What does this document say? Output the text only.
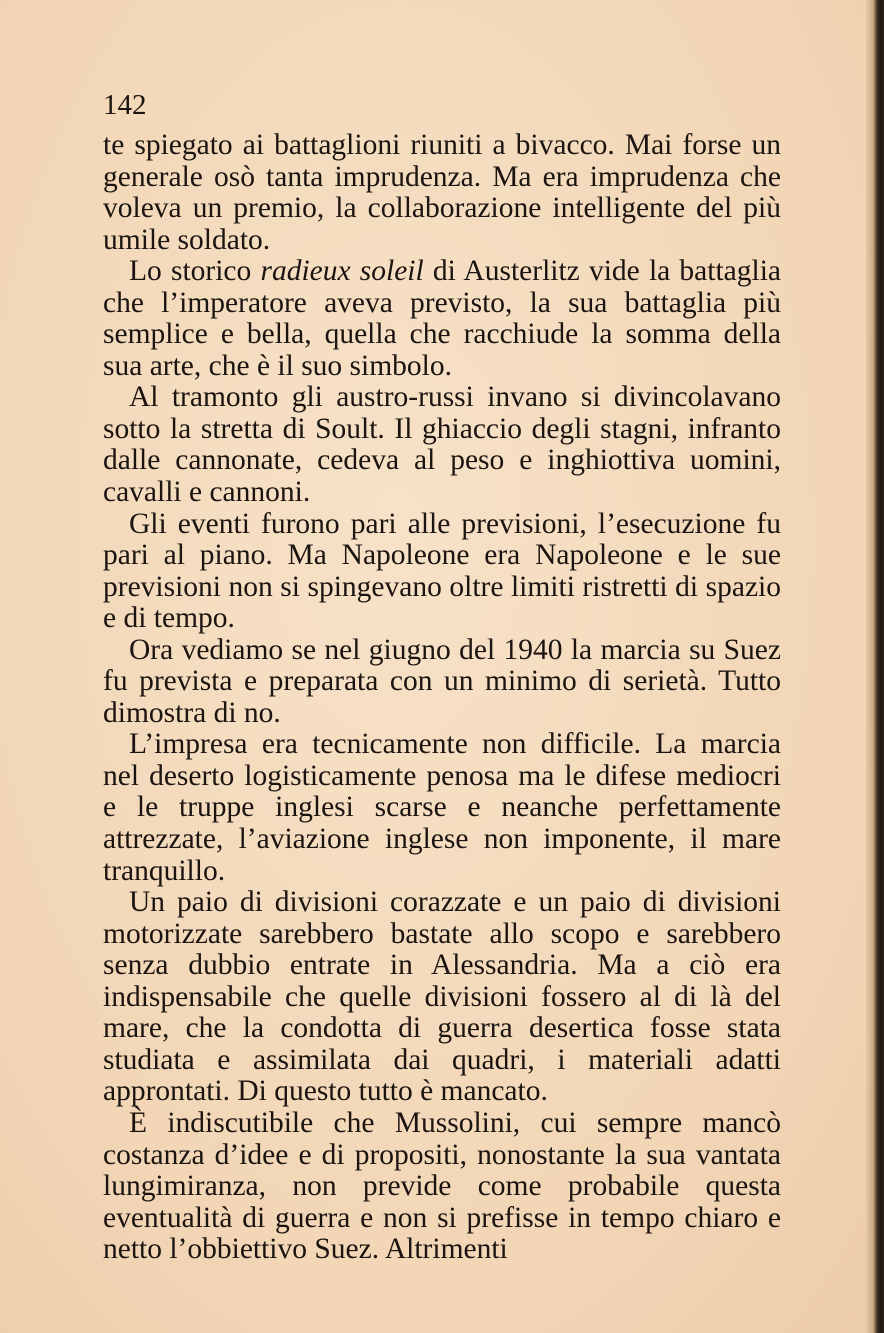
142

te spiegato ai battaglioni riuniti a bivacco. Mai forse un generale osò tanta imprudenza. Ma era imprudenza che voleva un premio, la collaborazione intelligente del più umile soldato.

Lo storico radieux soleil di Austerlitz vide la battaglia che l’imperatore aveva previsto, la sua battaglia più semplice e bella, quella che racchiude la somma della sua arte, che è il suo simbolo.

Al tramonto gli austro-russi invano si divincolavano sotto la stretta di Soult. Il ghiaccio degli stagni, infranto dalle cannonate, cedeva al peso e inghiottiva uomini, cavalli e cannoni.

Gli eventi furono pari alle previsioni, l’esecuzione fu pari al piano. Ma Napoleone era Napoleone e le sue previsioni non si spingevano oltre limiti ristretti di spazio e di tempo.

Ora vediamo se nel giugno del 1940 la marcia su Suez fu prevista e preparata con un minimo di serietà. Tutto dimostra di no.

L’impresa era tecnicamente non difficile. La marcia nel deserto logisticamente penosa ma le difese mediocri e le truppe inglesi scarse e neanche perfettamente attrezzate, l’aviazione inglese non imponente, il mare tranquillo.

Un paio di divisioni corazzate e un paio di divisioni motorizzate sarebbero bastate allo scopo e sarebbero senza dubbio entrate in Alessandria. Ma a ciò era indispensabile che quelle divisioni fossero al di là del mare, che la condotta di guerra desertica fosse stata studiata e assimilata dai quadri, i materiali adatti approntati. Di questo tutto è mancato.

È indiscutibile che Mussolini, cui sempre mancò costanza d’idee e di propositi, nonostante la sua vantata lungimiranza, non previde come probabile questa eventualità di guerra e non si prefisse in tempo chiaro e netto l’obbiettivo Suez. Altrimenti
